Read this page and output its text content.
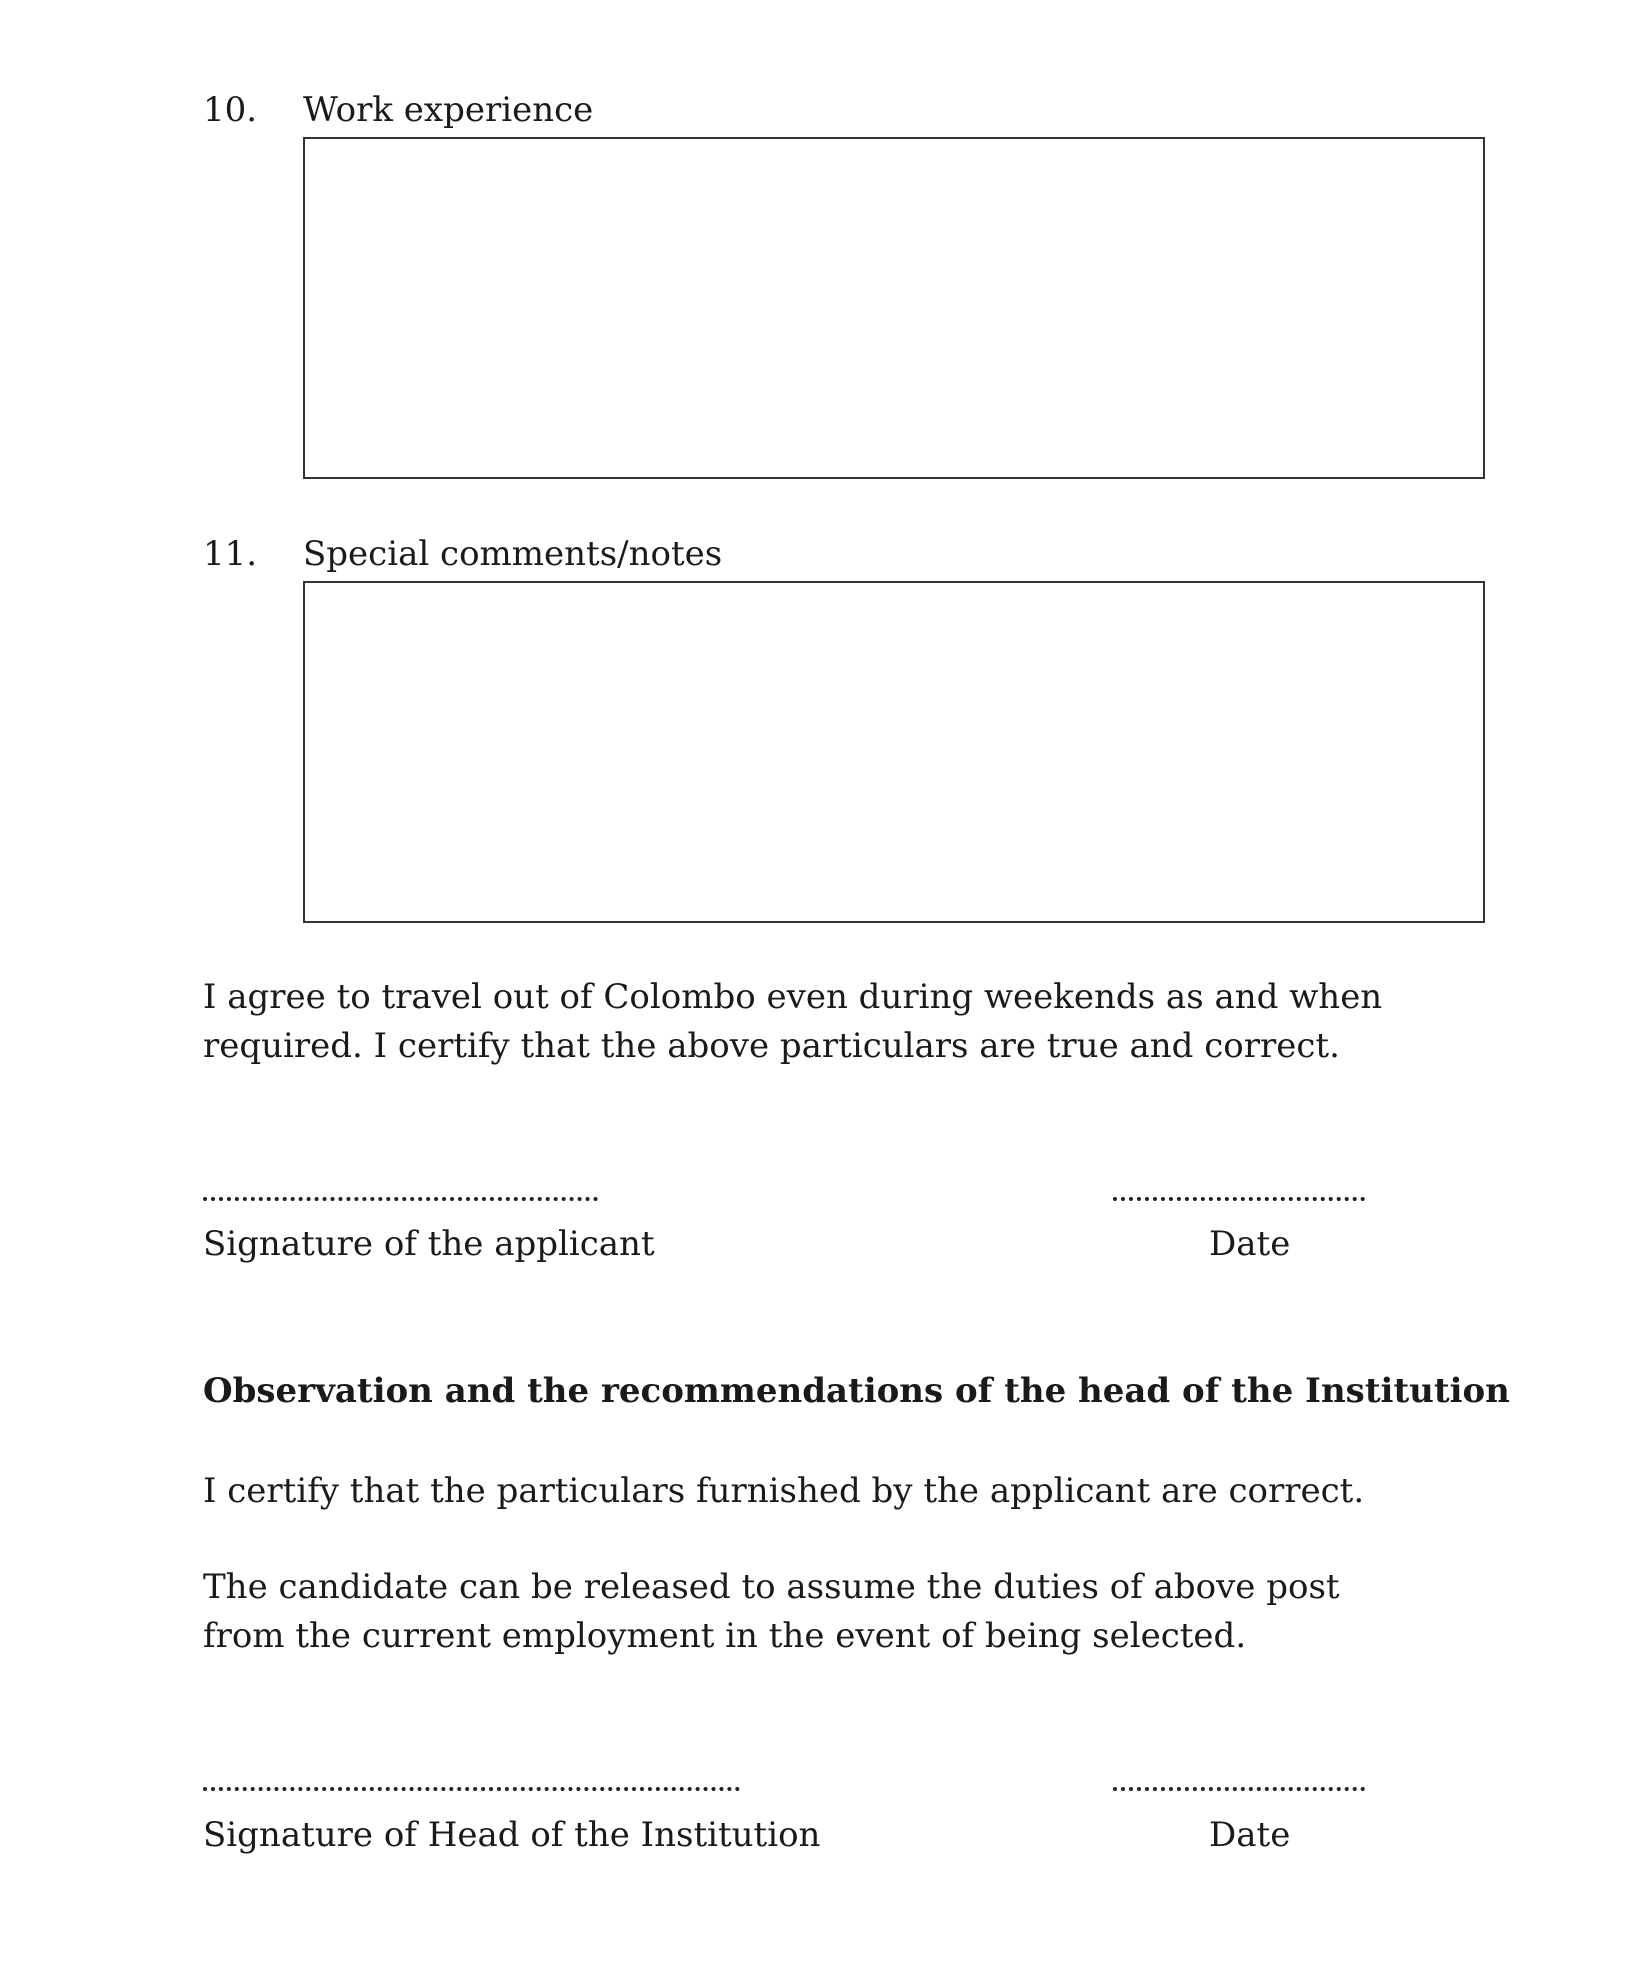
10. Work experience
11. Special comments/notes
I agree to travel out of Colombo even during weekends as and when required. I certify that the above particulars are true and correct.
Signature of the applicant	Date
Observation and the recommendations of the head of the Institution
I certify that the particulars furnished by the applicant are correct.
The candidate can be released to assume the duties of above post from the current employment in the event of being selected.
Signature of Head of the Institution	Date
